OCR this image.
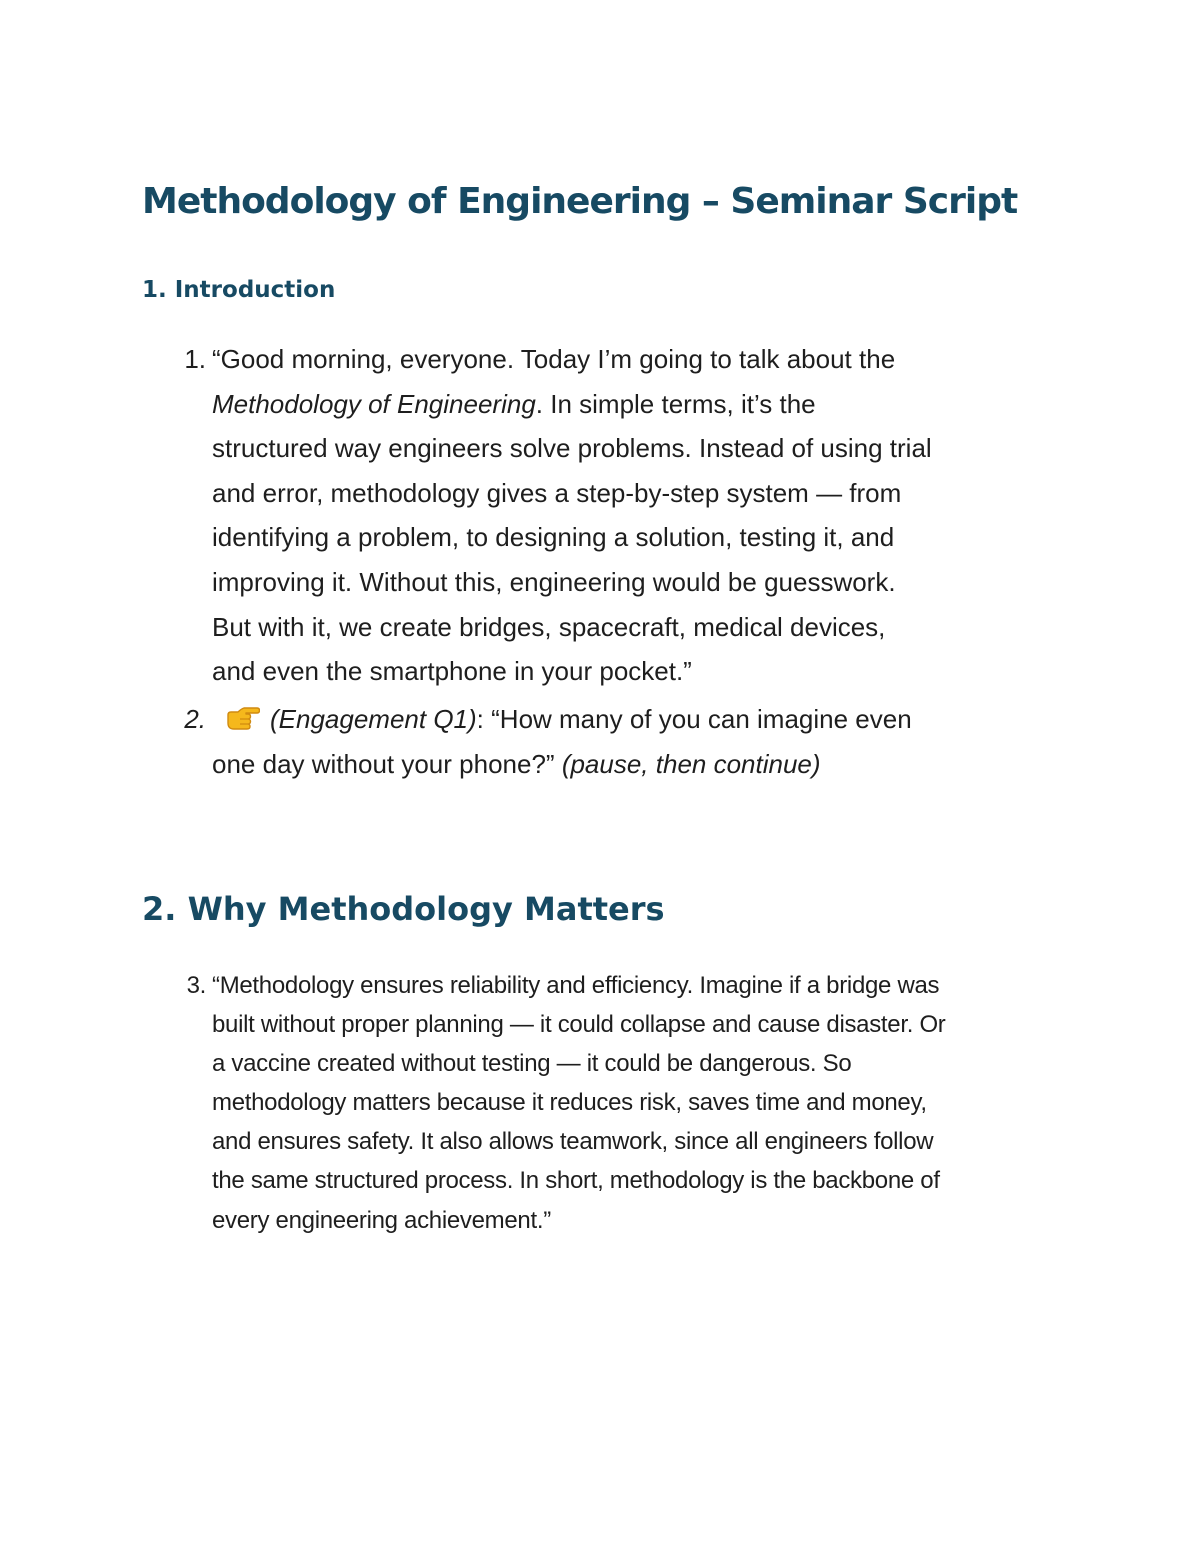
Methodology of Engineering – Seminar Script
1. Introduction
1. “Good morning, everyone. Today I’m going to talk about the
Methodology of Engineering. In simple terms, it’s the
structured way engineers solve problems. Instead of using trial
and error, methodology gives a step-by-step system — from
identifying a problem, to designing a solution, testing it, and
improving it. Without this, engineering would be guesswork.
But with it, we create bridges, spacecraft, medical devices,
and even the smartphone in your pocket.”
2.	(Engagement Q1): “How many of you can imagine even
one day without your phone?” (pause, then continue)
2. Why Methodology Matters
3. “Methodology ensures reliability and efficiency. Imagine if a bridge was
built without proper planning — it could collapse and cause disaster. Or
a vaccine created without testing — it could be dangerous. So
methodology matters because it reduces risk, saves time and money,
and ensures safety. It also allows teamwork, since all engineers follow
the same structured process. In short, methodology is the backbone of
every engineering achievement.”
